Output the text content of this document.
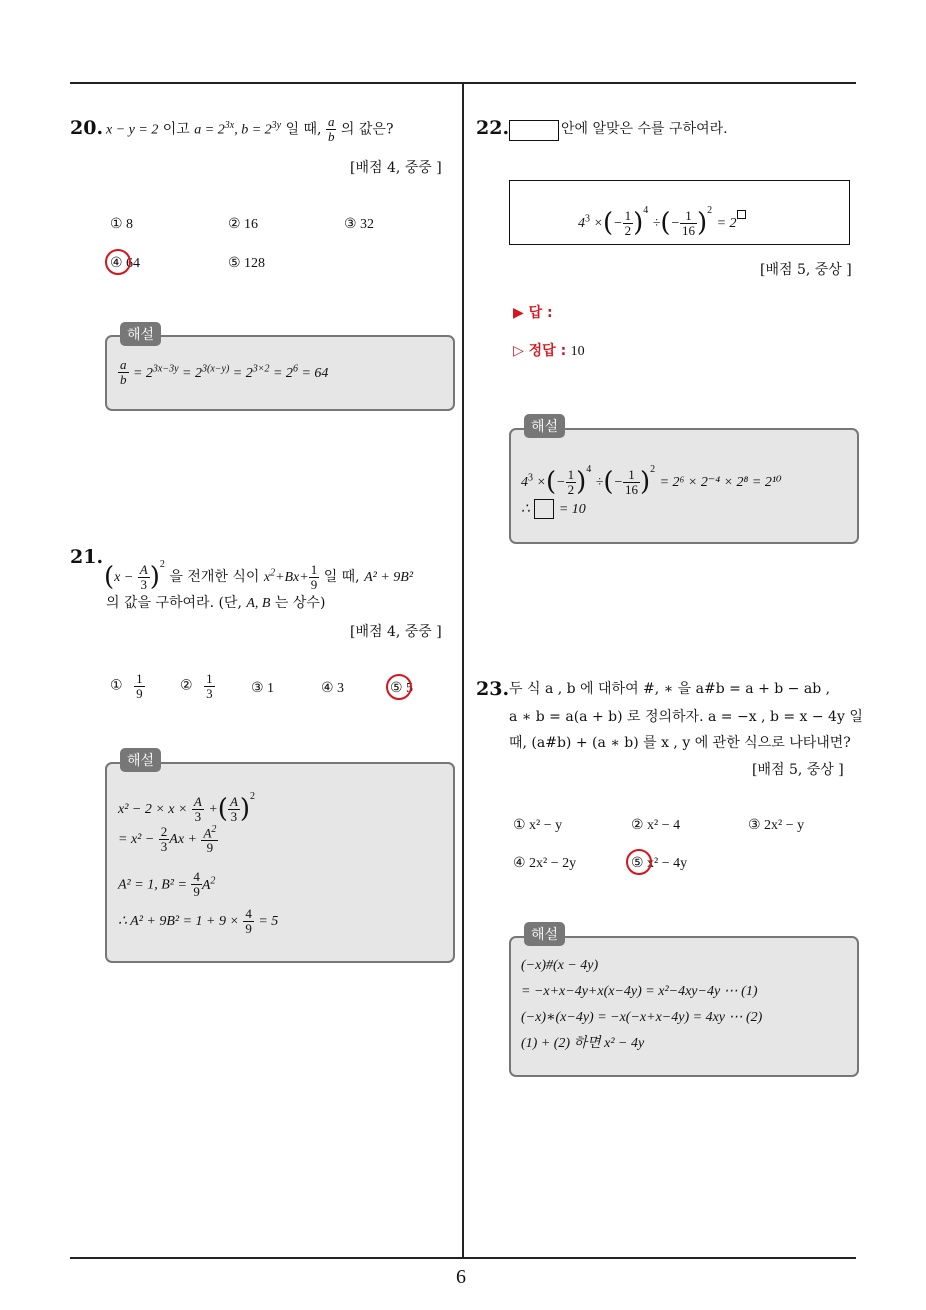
6
20. x − y = 2 이고 $a = 2^{3x}$, $b = 2^{3y}$ 일 때, $\frac{a}{b}$ 의 값은?
[배점 4, 중중 ]
① 8	② 16	③ 32
④ 64	⑤ 128
해설
$\frac{a}{b} = 2^{3x-3y} = 2^{3(x-y)} = 2^{3\times 2} = 2^6 = 64$
21.
$(x - \frac{A}{3} )^2$ 을 전개한 식이 $x^2+Bx+ \frac{1}{9}$ 일 때, A² + 9B²
의 값을 구하여라. (단, A, B 는 상수)
[배점 4, 중중 ]
① $\frac{1}{9}$	② $\frac{1}{3}$	③ 1	④ 3	⑤ 5
해설
$x^2 - 2 \times x \times \frac{A}{3}$ +( $\frac{A}{3} )^2$
= $x^2 - \frac{2}{3}$ $Ax + \frac{A^2}{9}$
A² = 1, $B^2 = \frac{4}{9} A^2$
∴ $A^2 + 9B^2 = 1 + 9 \times \frac{4}{9} = 5$
22.	안에 알맞은 수를 구하여라.
$4^3$ ×(− $\frac{1}{2} )^4$ ÷(− $\frac{1}{16} )^2 = 2$
[배점 5, 중상 ]
▶ 답 :
▷ 정답 : 10
해설
$4^3$ ×(− $\frac{1}{2} )^4$ ÷(− $\frac{1}{16} )^2 = 2^6 \times 2^{-4} \times 2^8 = 2^{10}$
∴ = 10
23. 두 식 a , b 에 대하여 #, ∗ 을 a#b = a + b − ab ,
a ∗ b = a(a + b) 로 정의하자. a = −x , b = x − 4y 일
때, (a#b) + (a ∗ b) 를 x , y 에 관한 식으로 나타내면?
[배점 5, 중상 ]
① x² − y	② x² − 4	③ 2x² − y
④ 2x² − 2y	⑤ x² − 4y
해설
(−x)#(x − 4y)
= −x+x−4y+x(x−4y) = x²−4xy−4y ⋯ (1)
(−x)∗(x−4y) = −x(−x+x−4y) = 4xy ⋯ (2)
(1) + (2) 하면 x² − 4y
